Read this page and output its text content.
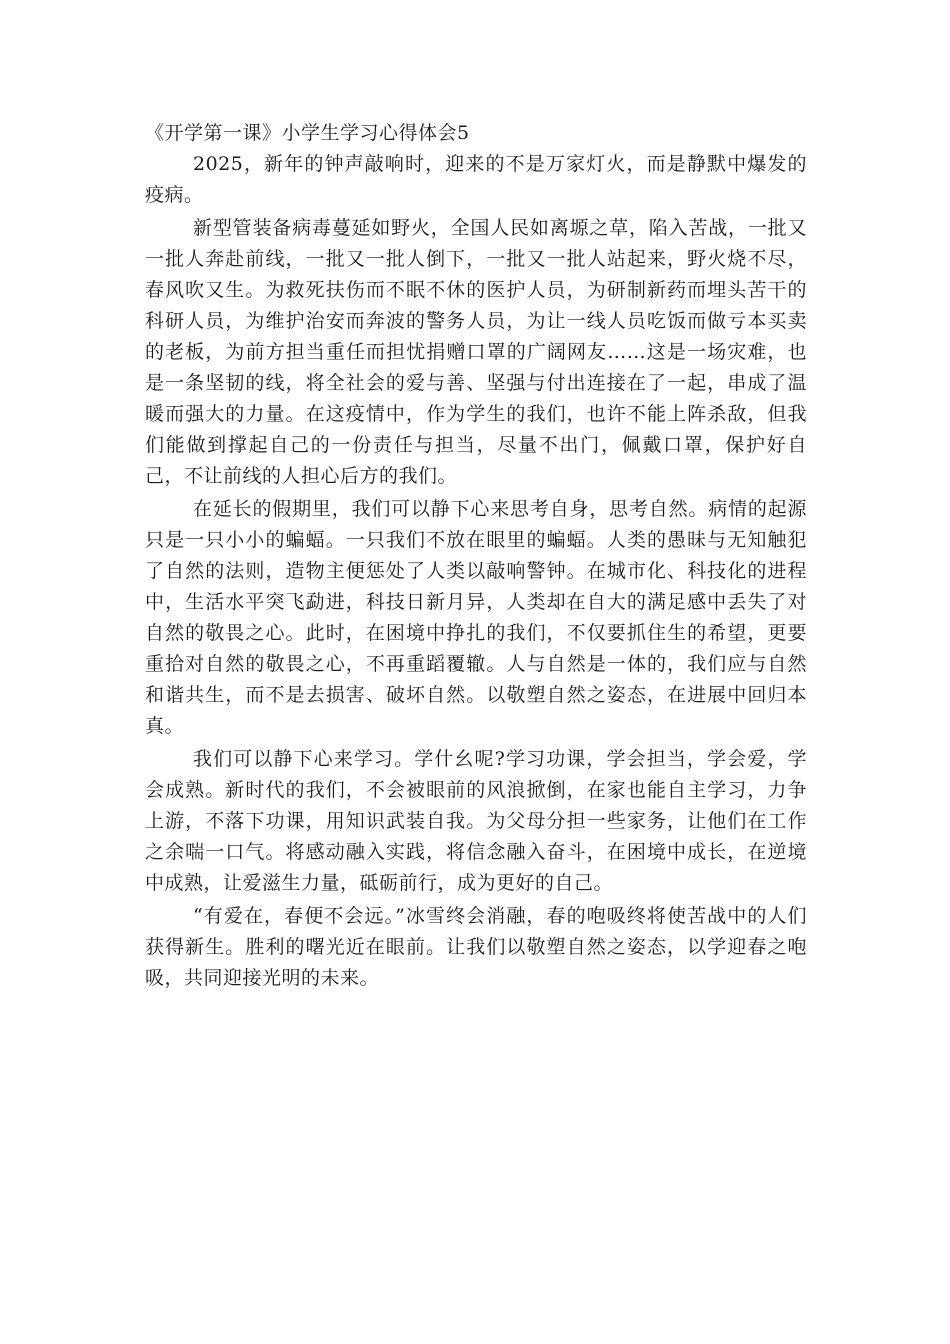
《开学第一课》小学生学习心得体会5

2025，新年的钟声敲响时，迎来的不是万家灯火，而是静默中爆发的疫病。

新型管装备病毒蔓延如野火，全国人民如离塬之草，陷入苦战，一批又一批人奔赴前线，一批又一批人倒下，一批又一批人站起来，野火烧不尽，春风吹又生。为救死扶伤而不眠不休的医护人员，为研制新药而埋头苦干的科研人员，为维护治安而奔波的警务人员，为让一线人员吃饭而做亏本买卖的老板，为前方担当重任而担忧捐赠口罩的广阔网友……这是一场灾难，也是一条坚韧的线，将全社会的爱与善、坚强与付出连接在了一起，串成了温暖而强大的力量。在这疫情中，作为学生的我们，也许不能上阵杀敌，但我们能做到撑起自己的一份责任与担当，尽量不出门，佩戴口罩，保护好自己，不让前线的人担心后方的我们。

在延长的假期里，我们可以静下心来思考自身，思考自然。病情的起源只是一只小小的蝙蝠。一只我们不放在眼里的蝙蝠。人类的愚昧与无知触犯了自然的法则，造物主便惩处了人类以敲响警钟。在城市化、科技化的进程中，生活水平突飞勐进，科技日新月异，人类却在自大的满足感中丢失了对自然的敬畏之心。此时，在困境中挣扎的我们，不仅要抓住生的希望，更要重拾对自然的敬畏之心，不再重蹈覆辙。人与自然是一体的，我们应与自然和谐共生，而不是去损害、破坏自然。以敬塑自然之姿态，在进展中回归本真。

我们可以静下心来学习。学什幺呢?学习功课，学会担当，学会爱，学会成熟。新时代的我们，不会被眼前的风浪掀倒，在家也能自主学习，力争上游，不落下功课，用知识武装自我。为父母分担一些家务，让他们在工作之余喘一口气。将感动融入实践，将信念融入奋斗，在困境中成长，在逆境中成熟，让爱滋生力量，砥砺前行，成为更好的自己。

“有爱在，春便不会远。”冰雪终会消融，春的咆吸终将使苦战中的人们获得新生。胜利的曙光近在眼前。让我们以敬塑自然之姿态，以学迎春之咆吸，共同迎接光明的未来。
